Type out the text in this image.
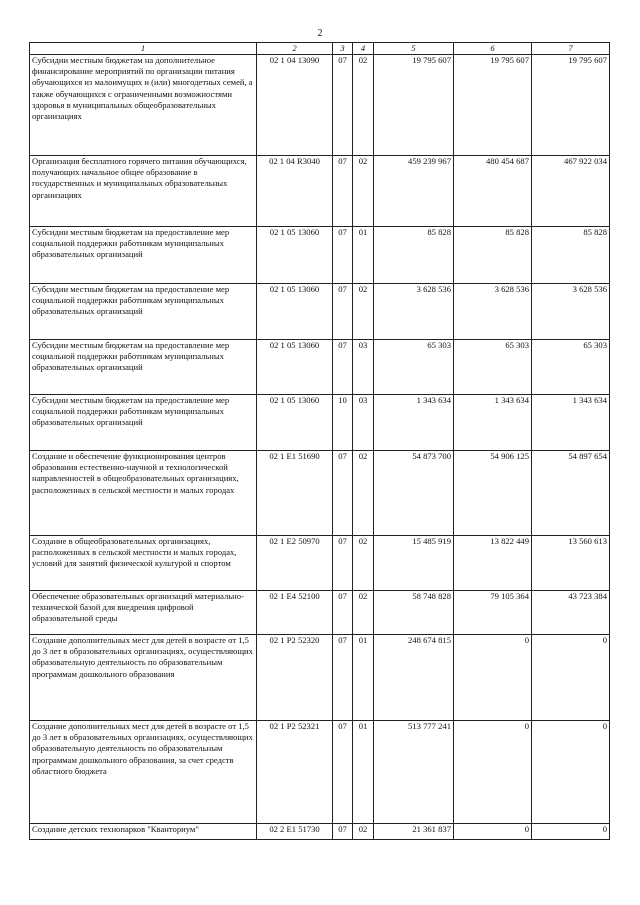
2
1	2	3	4	5	6	7
Субсидии местным бюджетам на дополнительное финансирование мероприятий по организации питания обучающихся из малоимущих и (или) многодетных семей, а также обучающихся с ограниченными возможностями здоровья в муниципальных общеобразовательных организациях	02 1 04 13090	07	02	19 795 607	19 795 607	19 795 607
Организация бесплатного горячего питания обучающихся, получающих начальное общее образование в государственных и муниципальных образовательных организациях	02 1 04 R3040	07	02	459 239 967	480 454 687	467 922 034
Субсидии местным бюджетам на предоставление мер социальной поддержки работникам муниципальных образовательных организаций	02 1 05 13060	07	01	85 828	85 828	85 828
Субсидии местным бюджетам на предоставление мер социальной поддержки работникам муниципальных образовательных организаций	02 1 05 13060	07	02	3 628 536	3 628 536	3 628 536
Субсидии местным бюджетам на предоставление мер социальной поддержки работникам муниципальных образовательных организаций	02 1 05 13060	07	03	65 303	65 303	65 303
Субсидии местным бюджетам на предоставление мер социальной поддержки работникам муниципальных образовательных организаций	02 1 05 13060	10	03	1 343 634	1 343 634	1 343 634
Создание и обеспечение функционирования центров образования естественно-научной и технологической направленностей в общеобразовательных организациях, расположенных в сельской местности и малых городах	02 1 E1 51690	07	02	54 873 700	54 906 125	54 897 654
Создание в общеобразовательных организациях, расположенных в сельской местности и малых городах, условий для занятий физической культурой и спортом	02 1 E2 50970	07	02	15 485 919	13 822 449	13 560 613
Обеспечение образовательных организаций материально-технической базой для внедрения цифровой образовательной среды	02 1 E4 52100	07	02	58 748 828	79 105 364	43 723 384
Создание дополнительных мест для детей в возрасте от 1,5 до 3 лет в образовательных организациях, осуществляющих образовательную деятельность по образовательным программам дошкольного образования	02 1 P2 52320	07	01	248 674 815	0	0
Создание дополнительных мест для детей в возрасте от 1,5 до 3 лет в образовательных организациях, осуществляющих образовательную деятельность по образовательным программам дошкольного образования, за счет средств областного бюджета	02 1 P2 52321	07	01	513 777 241	0	0
Создание детских технопарков "Кванториум"	02 2 E1 51730	07	02	21 361 837	0	0
